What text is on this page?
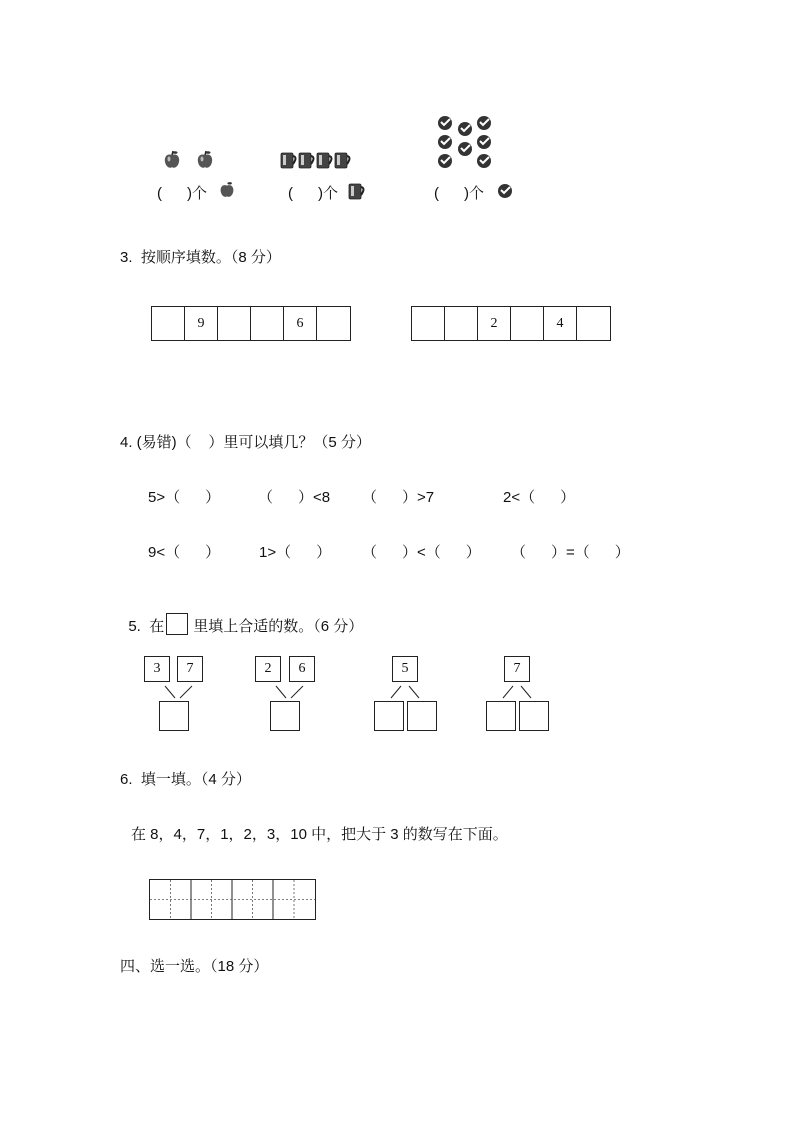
(      )个	(      )个	(      )个
3.  按顺序填数。（8 分）
9	6	2	4
4. (易错)（    ）里可以填几？（5 分）
5>（      ）	（      ）<8 （      ）>7	2<（      ）
9<（      ）	1>（      ） （      ）<（      ） （      ）=（      ）

5.  在 里填上合适的数。（6 分）

3	7	2	6	5	7
6.  填一填。（4 分）
在 8，4，7，1，2，3，10 中，把大于 3 的数写在下面。
四、选一选。（18 分）
